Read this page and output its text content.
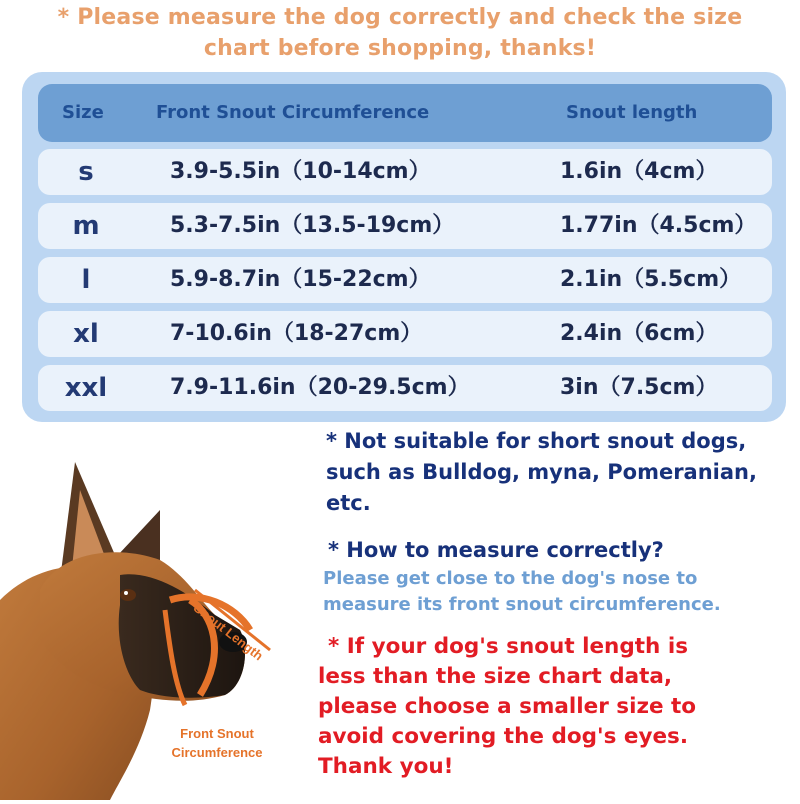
* Please measure the dog correctly and check the size
chart before shopping, thanks!
Size	Front Snout Circumference	Snout length
s	3.9-5.5in（10-14cm）	1.6in（4cm）
m	5.3-7.5in（13.5-19cm）	1.77in（4.5cm）
l	5.9-8.7in（15-22cm）	2.1in（5.5cm）
xl	7-10.6in（18-27cm）	2.4in（6cm）
xxl	7.9-11.6in（20-29.5cm）	3in（7.5cm）
Snout Length
Front Snout
Circumference
* Not suitable for short snout dogs,
such as Bulldog, myna, Pomeranian,
etc.
* How to measure correctly?
Please get close to the dog's nose to
measure its front snout circumference.
* If your dog's snout length is
less than the size chart data,
please choose a smaller size to
avoid covering the dog's eyes.
Thank you!
